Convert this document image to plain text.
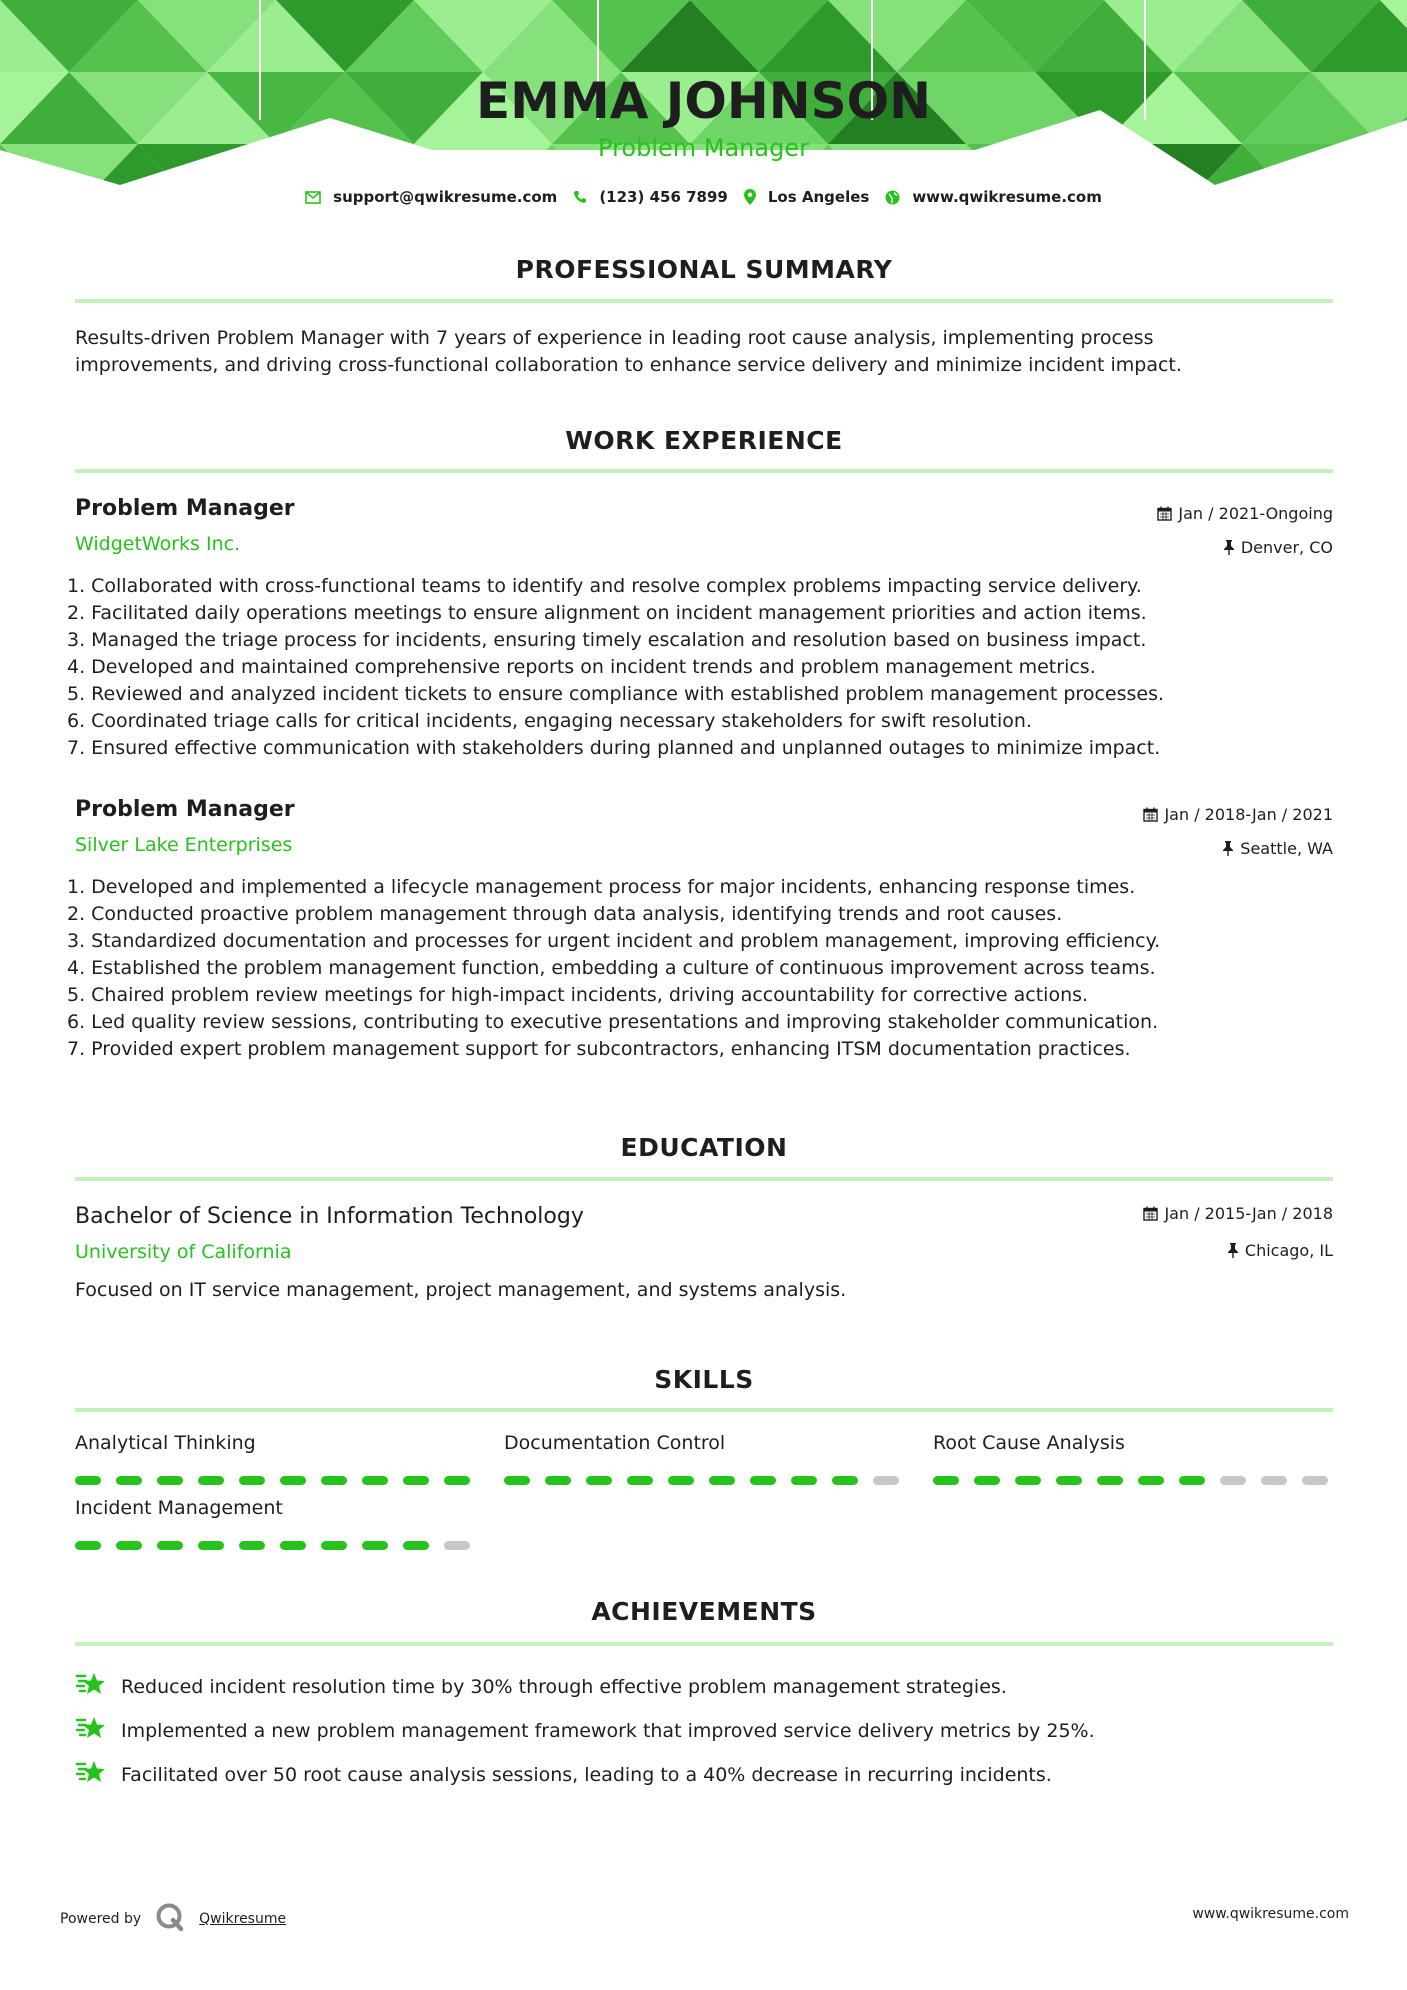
EMMA JOHNSON
Problem Manager
support@qwikresume.com	(123) 456 7899	Los Angeles	www.qwikresume.com
PROFESSIONAL SUMMARY
Results-driven Problem Manager with 7 years of experience in leading root cause analysis, implementing process
improvements, and driving cross-functional collaboration to enhance service delivery and minimize incident impact.
WORK EXPERIENCE
Problem Manager	Jan / 2021-Ongoing
WidgetWorks Inc.	Denver, CO
1. Collaborated with cross-functional teams to identify and resolve complex problems impacting service delivery.
2. Facilitated daily operations meetings to ensure alignment on incident management priorities and action items.
3. Managed the triage process for incidents, ensuring timely escalation and resolution based on business impact.
4. Developed and maintained comprehensive reports on incident trends and problem management metrics.
5. Reviewed and analyzed incident tickets to ensure compliance with established problem management processes.
6. Coordinated triage calls for critical incidents, engaging necessary stakeholders for swift resolution.
7. Ensured effective communication with stakeholders during planned and unplanned outages to minimize impact.
Problem Manager	Jan / 2018-Jan / 2021
Silver Lake Enterprises	Seattle, WA
1. Developed and implemented a lifecycle management process for major incidents, enhancing response times.
2. Conducted proactive problem management through data analysis, identifying trends and root causes.
3. Standardized documentation and processes for urgent incident and problem management, improving efficiency.
4. Established the problem management function, embedding a culture of continuous improvement across teams.
5. Chaired problem review meetings for high-impact incidents, driving accountability for corrective actions.
6. Led quality review sessions, contributing to executive presentations and improving stakeholder communication.
7. Provided expert problem management support for subcontractors, enhancing ITSM documentation practices.
EDUCATION
Bachelor of Science in Information Technology	Jan / 2015-Jan / 2018
University of California	Chicago, IL
Focused on IT service management, project management, and systems analysis.
SKILLS
Analytical Thinking	Documentation Control	Root Cause Analysis
Incident Management
ACHIEVEMENTS
Reduced incident resolution time by 30% through effective problem management strategies.
Implemented a new problem management framework that improved service delivery metrics by 25%.
Facilitated over 50 root cause analysis sessions, leading to a 40% decrease in recurring incidents.
Powered by	Qwikresume	www.qwikresume.com
